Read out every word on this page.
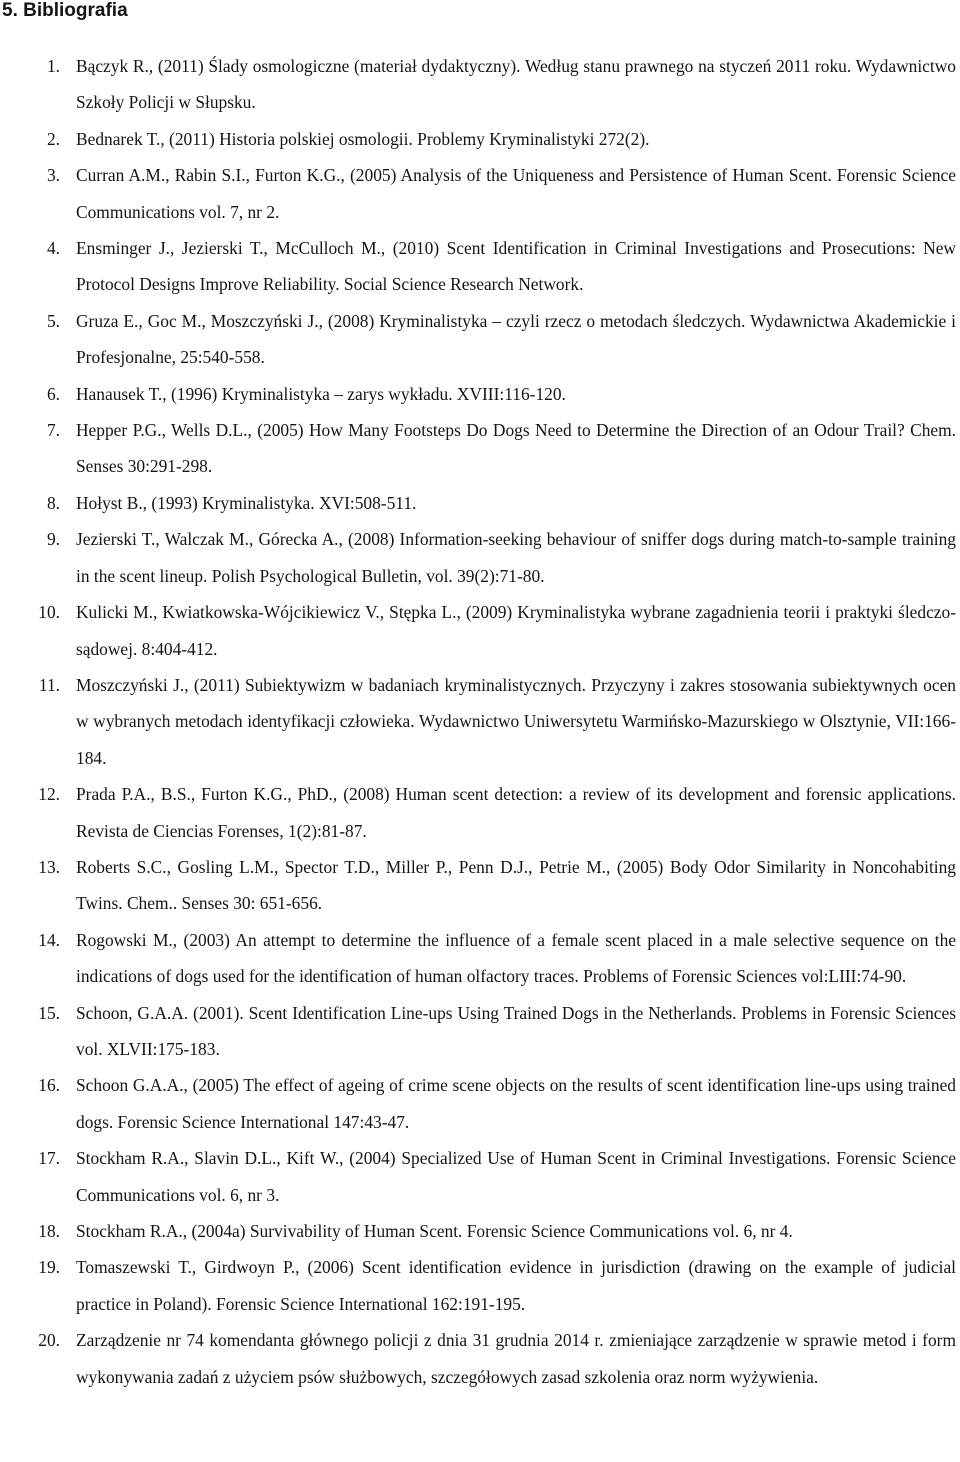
5. Bibliografia
1. Bączyk R., (2011) Ślady osmologiczne (materiał dydaktyczny). Według stanu prawnego na styczeń 2011 roku. Wydawnictwo Szkoły Policji w Słupsku.
2. Bednarek T., (2011) Historia polskiej osmologii. Problemy Kryminalistyki 272(2).
3. Curran A.M., Rabin S.I., Furton K.G., (2005) Analysis of the Uniqueness and Persistence of Human Scent. Forensic Science Communications vol. 7, nr 2.
4. Ensminger J., Jezierski T., McCulloch M., (2010) Scent Identification in Criminal Investigations and Prosecutions: New Protocol Designs Improve Reliability. Social Science Research Network.
5. Gruza E., Goc M., Moszczyński J., (2008) Kryminalistyka – czyli rzecz o metodach śledczych. Wydawnictwa Akademickie i Profesjonalne, 25:540-558.
6. Hanausek T., (1996) Kryminalistyka – zarys wykładu. XVIII:116-120.
7. Hepper P.G., Wells D.L., (2005) How Many Footsteps Do Dogs Need to Determine the Direction of an Odour Trail? Chem. Senses 30:291-298.
8. Hołyst B., (1993) Kryminalistyka. XVI:508-511.
9. Jezierski T., Walczak M., Górecka A., (2008) Information-seeking behaviour of sniffer dogs during match-to-sample training in the scent lineup. Polish Psychological Bulletin, vol. 39(2):71-80.
10. Kulicki M., Kwiatkowska-Wójcikiewicz V., Stępka L., (2009) Kryminalistyka wybrane zagadnienia teorii i praktyki śledczo-sądowej. 8:404-412.
11. Moszczyński J., (2011) Subiektywizm w badaniach kryminalistycznych. Przyczyny i zakres stosowania subiektywnych ocen w wybranych metodach identyfikacji człowieka. Wydawnictwo Uniwersytetu Warmińsko-Mazurskiego w Olsztynie, VII:166-184.
12. Prada P.A., B.S., Furton K.G., PhD., (2008) Human scent detection: a review of its development and forensic applications. Revista de Ciencias Forenses, 1(2):81-87.
13. Roberts S.C., Gosling L.M., Spector T.D., Miller P., Penn D.J., Petrie M., (2005) Body Odor Similarity in Noncohabiting Twins. Chem.. Senses 30: 651-656.
14. Rogowski M., (2003) An attempt to determine the influence of a female scent placed in a male selective sequence on the indications of dogs used for the identification of human olfactory traces. Problems of Forensic Sciences vol:LIII:74-90.
15. Schoon, G.A.A. (2001). Scent Identification Line-ups Using Trained Dogs in the Netherlands. Problems in Forensic Sciences vol. XLVII:175-183.
16. Schoon G.A.A., (2005) The effect of ageing of crime scene objects on the results of scent identification line-ups using trained dogs. Forensic Science International 147:43-47.
17. Stockham R.A., Slavin D.L., Kift W., (2004) Specialized Use of Human Scent in Criminal Investigations. Forensic Science Communications vol. 6, nr 3.
18. Stockham R.A., (2004a) Survivability of Human Scent. Forensic Science Communications vol. 6, nr 4.
19. Tomaszewski T., Girdwoyn P., (2006) Scent identification evidence in jurisdiction (drawing on the example of judicial practice in Poland). Forensic Science International 162:191-195.
20. Zarządzenie nr 74 komendanta głównego policji z dnia 31 grudnia 2014 r. zmieniające zarządzenie w sprawie metod i form wykonywania zadań z użyciem psów służbowych, szczegółowych zasad szkolenia oraz norm wyżywienia.
